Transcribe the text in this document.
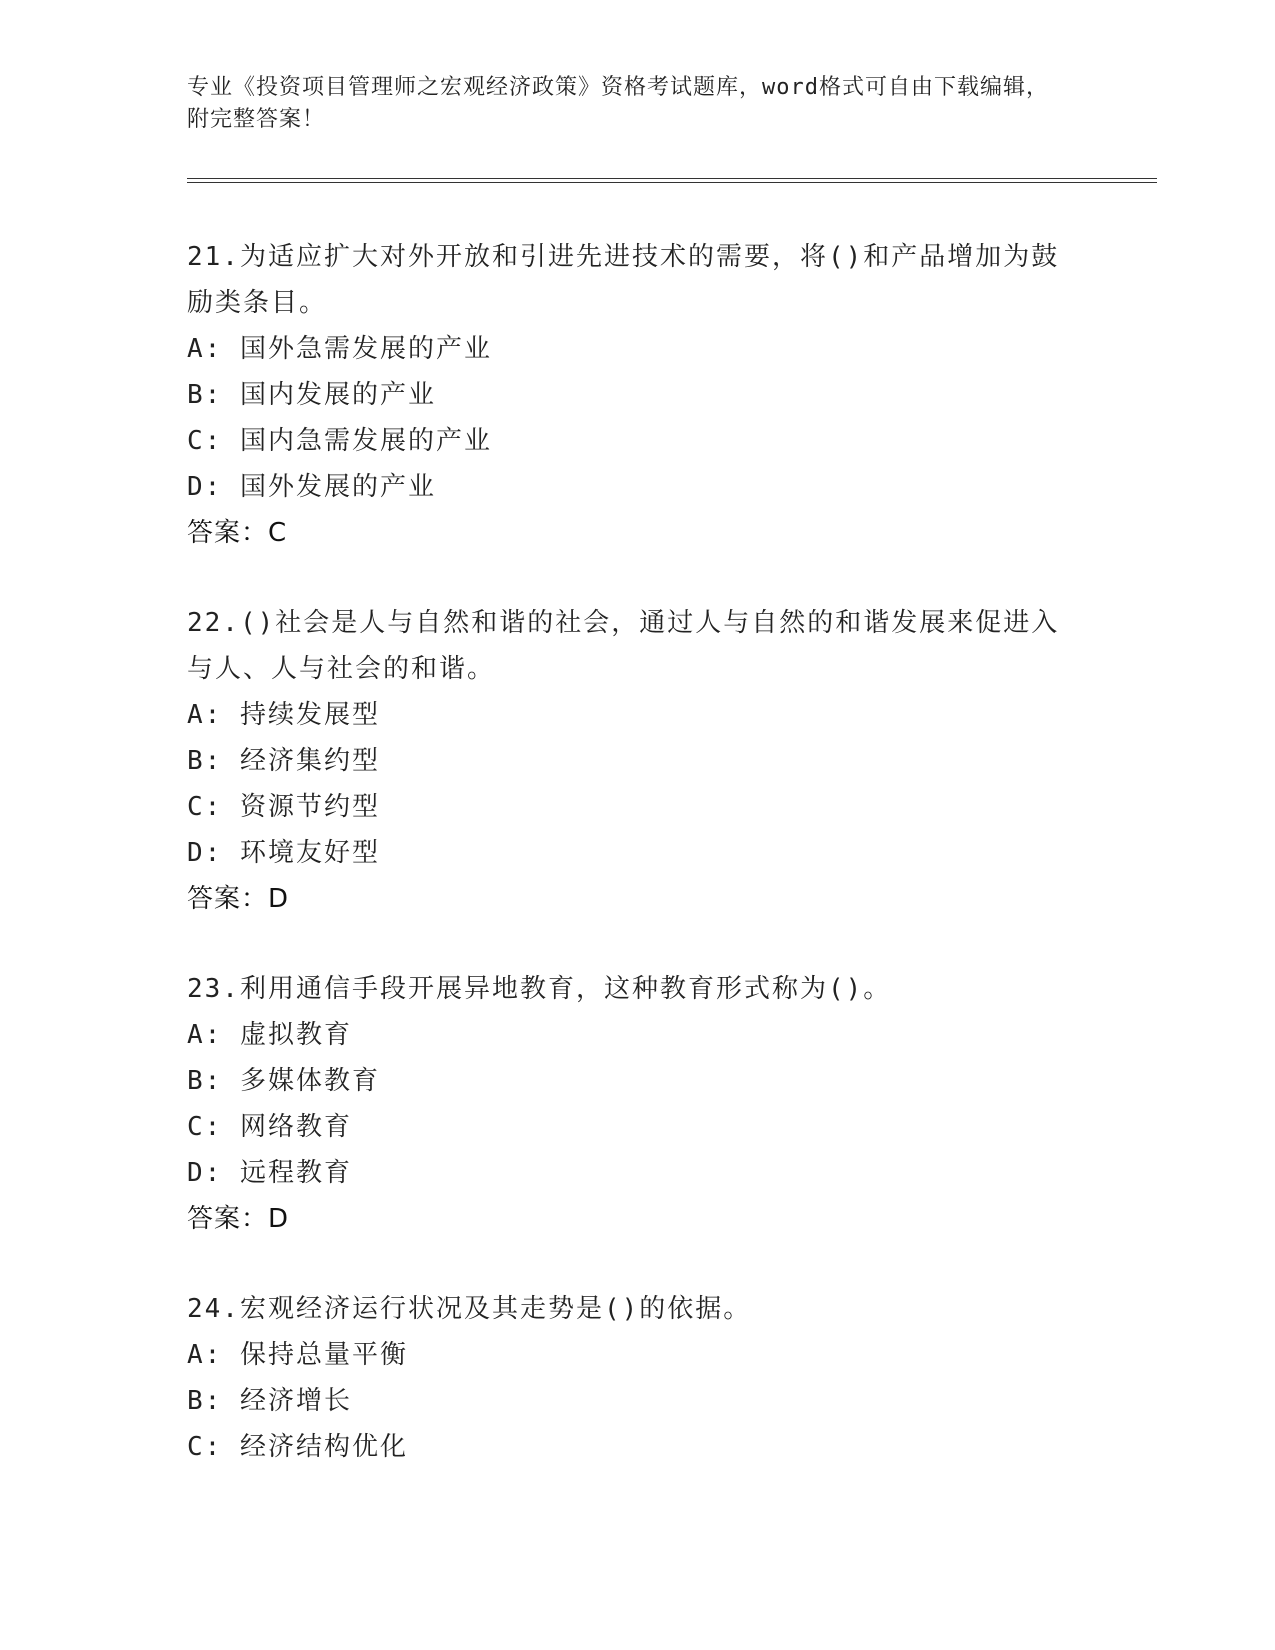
专业《投资项目管理师之宏观经济政策》资格考试题库，word格式可自由下载编辑，附完整答案！
21.为适应扩大对外开放和引进先进技术的需要，将()和产品增加为鼓励类条目。
A: 国外急需发展的产业
B: 国内发展的产业
C: 国内急需发展的产业
D: 国外发展的产业
答案：C
22.()社会是人与自然和谐的社会，通过人与自然的和谐发展来促进入与人、人与社会的和谐。
A: 持续发展型
B: 经济集约型
C: 资源节约型
D: 环境友好型
答案：D
23.利用通信手段开展异地教育，这种教育形式称为()。
A: 虚拟教育
B: 多媒体教育
C: 网络教育
D: 远程教育
答案：D
24.宏观经济运行状况及其走势是()的依据。
A: 保持总量平衡
B: 经济增长
C: 经济结构优化
